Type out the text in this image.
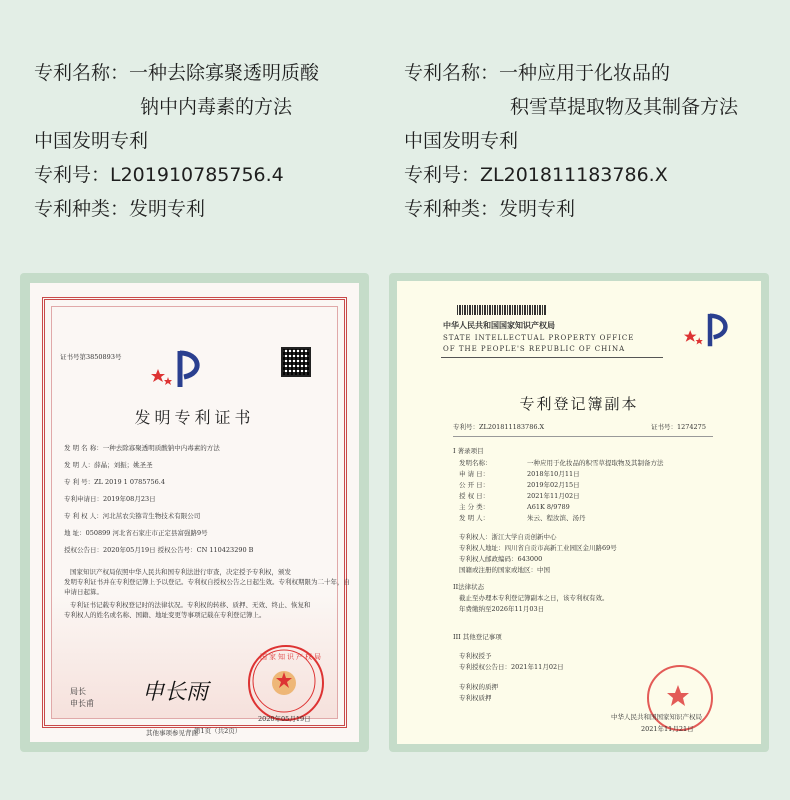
专利名称：一种去除寡聚透明质酸
钠中内毒素的方法
中国发明专利
专利号：L201910785756.4
专利种类：发明专利
专利名称：一种应用于化妆品的
积雪草提取物及其制备方法
中国发明专利
专利号：ZL201811183786.X
专利种类：发明专利
证书号第3850893号
发明专利证书
发 明 名 称：一种去除寡聚透明质酸钠中内毒素的方法
发 明 人：薛晶；刘振；姚圣圣
专 利 号：ZL 2019 1 0785756.4
专利申请日：2019年08月23日
专 利 权 人：河北茁农尖猕苛生物技术有限公司
地 址：050899 河北省石家庄市正定县富强路9号
授权公告日：2020年05月19日 授权公告号：CN 110423290 B
国家知识产权局依照中华人民共和国专利法进行审查，决定授予专利权，颁发
发明专利证书并在专利登记簿上予以登记。专利权自授权公告之日起生效。专利权期限为二十年，自
申请日起算。
专利证书记载专利权登记时的法律状况。专利权的转移、质押、无效、终止、恢复和
专利权人的姓名或名称、国籍、地址变更等事项记载在专利登记簿上。
局长
申长甫 申长雨
国家知识产权局
2020年05月19日
第1页（共2页）
其他事项参见背面
中华人民共和国国家知识产权局
STATE INTELLECTUAL PROPERTY OFFICE
OF THE PEOPLE'S REPUBLIC OF CHINA
专利登记簿副本
专利号：ZL201811183786.X	证书号：1274275
I 著录项目
发明名称：	一种应用于化妆品的积雪草提取物及其制备方法
申 请 日：	2018年10月11日
公 开 日：	2019年02月15日
授 权 日：	2021年11月02日
主 分 类：	A61K 8/9789
发 明 人：	朱云、程汝滨、汤丹
专利权人：浙江大学自贡创新中心
专利权人地址：四川省自贡市高新工业园区金川路69号
专利权人邮政编码：643000
国籍或注册的国家或地区：中国
II法律状态
截止至办理本专利登记簿副本之日，该专利权有效。
年费缴纳至2026年11月03日
III 其他登记事项
专利权授予
专利授权公告日：2021年11月02日
专利权的质押
专利权质押
中华人民共和国国家知识产权局
2021年11月21日
